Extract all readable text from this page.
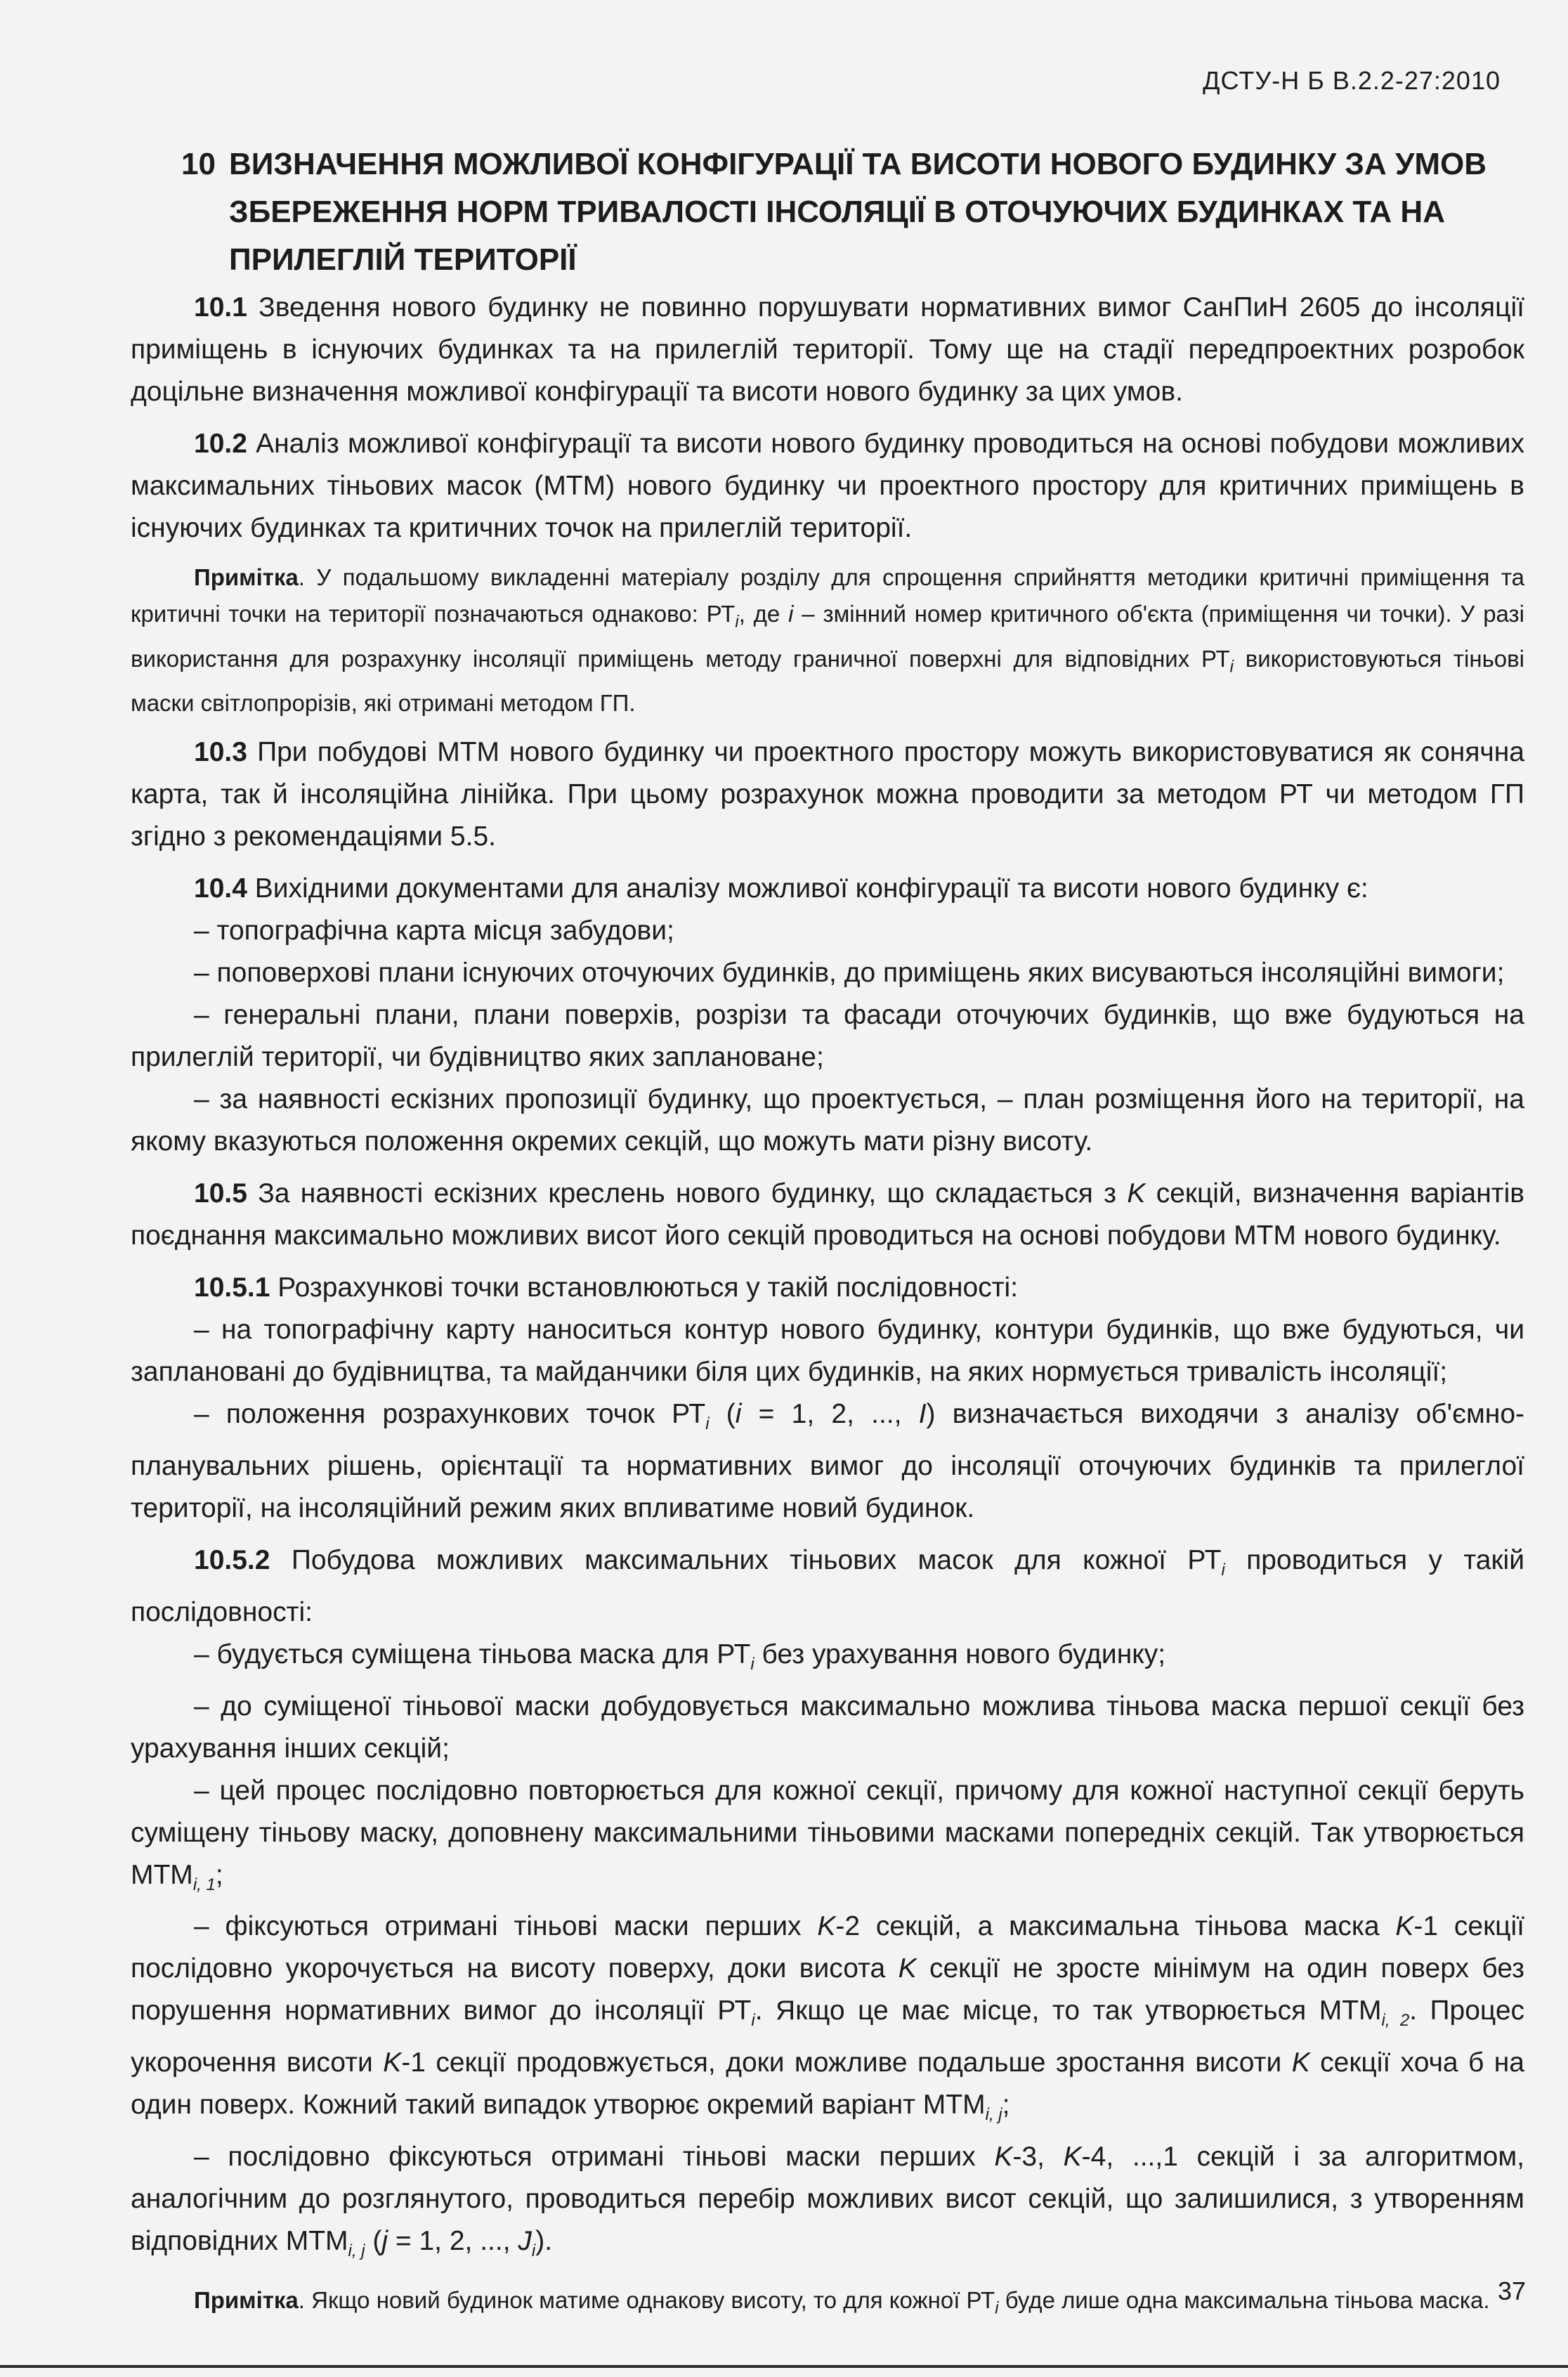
ДСТУ-Н Б В.2.2-27:2010
10 ВИЗНАЧЕННЯ МОЖЛИВОЇ КОНФІГУРАЦІЇ ТА ВИСОТИ НОВОГО БУДИНКУ ЗА УМОВ ЗБЕРЕЖЕННЯ НОРМ ТРИВАЛОСТІ ІНСОЛЯЦІЇ В ОТОЧУЮЧИХ БУДИНКАХ ТА НА ПРИЛЕГЛІЙ ТЕРИТОРІЇ

10.1 Зведення нового будинку не повинно порушувати нормативних вимог СанПиН 2605 до інсоляції приміщень в існуючих будинках та на прилеглій території. Тому ще на стадії передпроектних розробок доцільне визначення можливої конфігурації та висоти нового будинку за цих умов.

10.2 Аналіз можливої конфігурації та висоти нового будинку проводиться на основі побудови можливих максимальних тіньових масок (МТМ) нового будинку чи проектного простору для критичних приміщень в існуючих будинках та критичних точок на прилеглій території.

Примітка. У подальшому викладенні матеріалу розділу для спрощення сприйняття методики критичні приміщення та критичні точки на території позначаються однаково: $РТ_i$, де i – змінний номер критичного об'єкта (приміщення чи точки). У разі використання для розрахунку інсоляції приміщень методу граничної поверхні для відповідних $РТ_i$ використовуються тіньові маски світлопрорізів, які отримані методом ГП.

10.3 При побудові МТМ нового будинку чи проектного простору можуть використовуватися як сонячна карта, так й інсоляційна лінійка. При цьому розрахунок можна проводити за методом РТ чи методом ГП згідно з рекомендаціями 5.5.

10.4 Вихідними документами для аналізу можливої конфігурації та висоти нового будинку є:

– топографічна карта місця забудови;

– поповерхові плани існуючих оточуючих будинків, до приміщень яких висуваються інсоляційні вимоги;

– генеральні плани, плани поверхів, розрізи та фасади оточуючих будинків, що вже будуються на прилеглій території, чи будівництво яких заплановане;

– за наявності ескізних пропозиції будинку, що проектується, – план розміщення його на території, на якому вказуються положення окремих секцій, що можуть мати різну висоту.

10.5 За наявності ескізних креслень нового будинку, що складається з K секцій, визначення варіантів поєднання максимально можливих висот його секцій проводиться на основі побудови МТМ нового будинку.

10.5.1 Розрахункові точки встановлюються у такій послідовності:

– на топографічну карту наноситься контур нового будинку, контури будинків, що вже будуються, чи заплановані до будівництва, та майданчики біля цих будинків, на яких нормується тривалість інсоляції;

– положення розрахункових точок $РТ_i$ (i = 1, 2, ..., I) визначається виходячи з аналізу об'ємно-планувальних рішень, орієнтації та нормативних вимог до інсоляції оточуючих будинків та прилеглої території, на інсоляційний режим яких впливатиме новий будинок.

10.5.2 Побудова можливих максимальних тіньових масок для кожної $РТ_i$ проводиться у такій послідовності:

– будується суміщена тіньова маска для $РТ_i$ без урахування нового будинку;

– до суміщеної тіньової маски добудовується максимально можлива тіньова маска першої секції без урахування інших секцій;

– цей процес послідовно повторюється для кожної секції, причому для кожної наступної секції беруть суміщену тіньову маску, доповнену максимальними тіньовими масками попередніх секцій. Так утворюється $МТМ_{i, 1}$;

– фіксуються отримані тіньові маски перших K-2 секцій, а максимальна тіньова маска K-1 секції послідовно укорочується на висоту поверху, доки висота K секції не зросте мінімум на один поверх без порушення нормативних вимог до інсоляції $РТ_i$. Якщо це має місце, то так утворюється $МТМ_{i, 2}$. Процес укорочення висоти K-1 секції продовжується, доки можливе подальше зростання висоти K секції хоча б на один поверх. Кожний такий випадок утворює окремий варіант $МТМ_{i, j}$;

– послідовно фіксуються отримані тіньові маски перших K-3, K-4, ...,1 секцій і за алгоритмом, аналогічним до розглянутого, проводиться перебір можливих висот секцій, що залишилися, з утворенням відповідних $МТМ_{i, j}$ (j = 1, 2, ..., $J_i$).

Примітка. Якщо новий будинок матиме однакову висоту, то для кожної $РТ_i$ буде лише одна максимальна тіньова маска. 37
